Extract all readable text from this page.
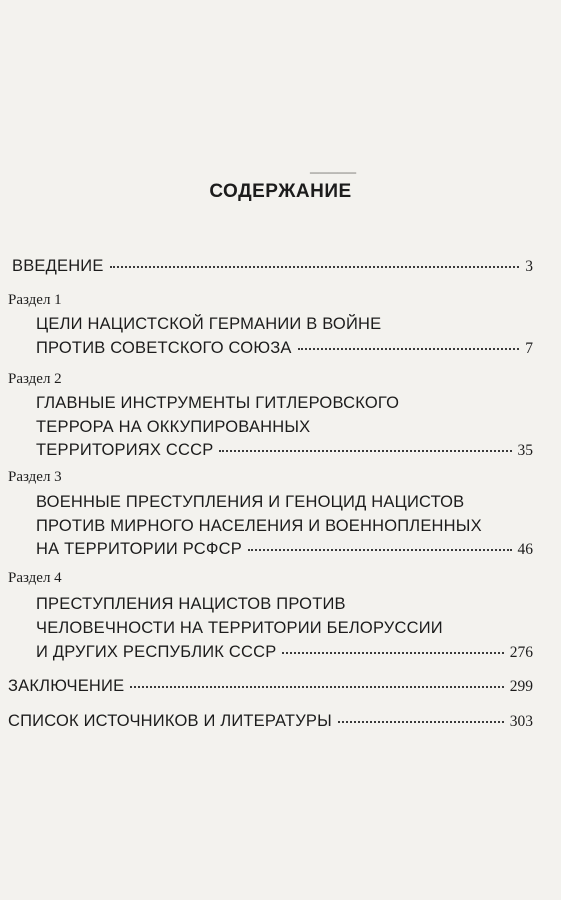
▁▁▁▁▁
СОДЕРЖАНИЕ
ВВЕДЕНИЕ	3
Раздел 1
ЦЕЛИ НАЦИСТСКОЙ ГЕРМАНИИ В ВОЙНЕ
ПРОТИВ СОВЕТСКОГО СОЮЗА	7
Раздел 2
ГЛАВНЫЕ ИНСТРУМЕНТЫ ГИТЛЕРОВСКОГО
ТЕРРОРА НА ОККУПИРОВАННЫХ
ТЕРРИТОРИЯХ СССР	35
Раздел 3
ВОЕННЫЕ ПРЕСТУПЛЕНИЯ И ГЕНОЦИД НАЦИСТОВ
ПРОТИВ МИРНОГО НАСЕЛЕНИЯ И ВОЕННОПЛЕННЫХ
НА ТЕРРИТОРИИ РСФСР	46
Раздел 4
ПРЕСТУПЛЕНИЯ НАЦИСТОВ ПРОТИВ
ЧЕЛОВЕЧНОСТИ НА ТЕРРИТОРИИ БЕЛОРУССИИ
И ДРУГИХ РЕСПУБЛИК СССР	276
ЗАКЛЮЧЕНИЕ	299
СПИСОК ИСТОЧНИКОВ И ЛИТЕРАТУРЫ	303
